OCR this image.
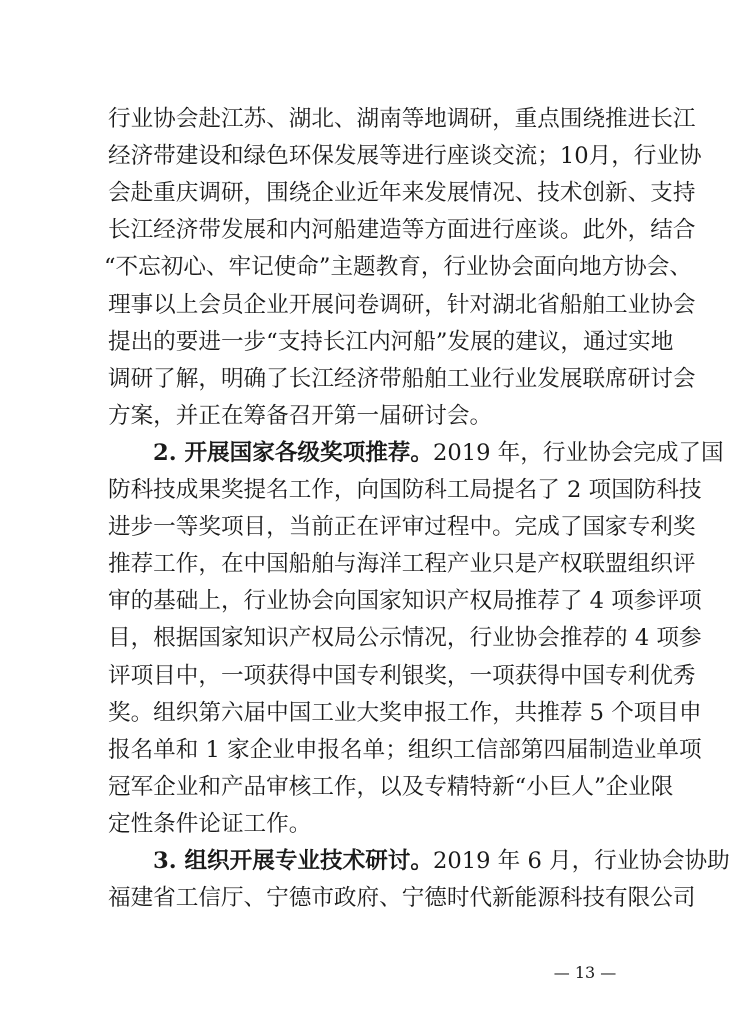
行业协会赴江苏、湖北、湖南等地调研，重点围绕推进长江
经济带建设和绿色环保发展等进行座谈交流；10月，行业协
会赴重庆调研，围绕企业近年来发展情况、技术创新、支持
长江经济带发展和内河船建造等方面进行座谈。此外，结合
“不忘初心、牢记使命”主题教育，行业协会面向地方协会、
理事以上会员企业开展问卷调研，针对湖北省船舶工业协会
提出的要进一步“支持长江内河船”发展的建议，通过实地
调研了解，明确了长江经济带船舶工业行业发展联席研讨会
方案，并正在筹备召开第一届研讨会。
2. 开展国家各级奖项推荐。2019 年，行业协会完成了国
防科技成果奖提名工作，向国防科工局提名了 2 项国防科技
进步一等奖项目，当前正在评审过程中。完成了国家专利奖
推荐工作，在中国船舶与海洋工程产业只是产权联盟组织评
审的基础上，行业协会向国家知识产权局推荐了 4 项参评项
目，根据国家知识产权局公示情况，行业协会推荐的 4 项参
评项目中，一项获得中国专利银奖，一项获得中国专利优秀
奖。组织第六届中国工业大奖申报工作，共推荐 5 个项目申
报名单和 1 家企业申报名单；组织工信部第四届制造业单项
冠军企业和产品审核工作，以及专精特新“小巨人”企业限
定性条件论证工作。
3. 组织开展专业技术研讨。2019 年 6 月，行业协会协助
— 13 —
福建省工信厅、宁德市政府、宁德时代新能源科技有限公司
